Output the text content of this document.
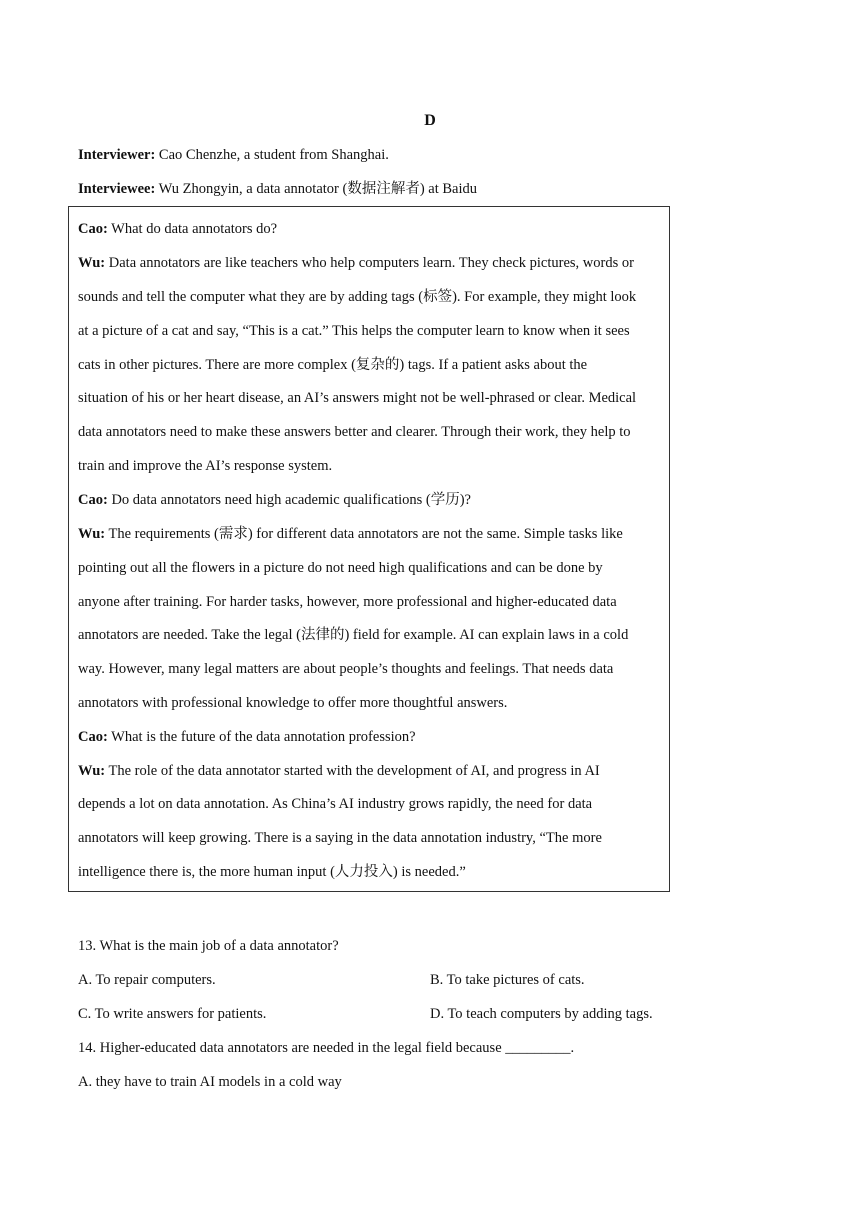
D
Interviewer: Cao Chenzhe, a student from Shanghai.
Interviewee: Wu Zhongyin, a data annotator (数据注解者) at Baidu
Cao: What do data annotators do?
Wu: Data annotators are like teachers who help computers learn. They check pictures, words or
sounds and tell the computer what they are by adding tags (标签). For example, they might look
at a picture of a cat and say, “This is a cat.” This helps the computer learn to know when it sees
cats in other pictures. There are more complex (复杂的) tags. If a patient asks about the
situation of his or her heart disease, an AI’s answers might not be well-phrased or clear. Medical
data annotators need to make these answers better and clearer. Through their work, they help to
train and improve the AI’s response system.
Cao: Do data annotators need high academic qualifications (学历)?
Wu: The requirements (需求) for different data annotators are not the same. Simple tasks like
pointing out all the flowers in a picture do not need high qualifications and can be done by
anyone after training. For harder tasks, however, more professional and higher-educated data
annotators are needed. Take the legal (法律的) field for example. AI can explain laws in a cold
way. However, many legal matters are about people’s thoughts and feelings. That needs data
annotators with professional knowledge to offer more thoughtful answers.
Cao: What is the future of the data annotation profession?
Wu: The role of the data annotator started with the development of AI, and progress in AI
depends a lot on data annotation. As China’s AI industry grows rapidly, the need for data
annotators will keep growing. There is a saying in the data annotation industry, “The more
intelligence there is, the more human input (人力投入) is needed.”
13. What is the main job of a data annotator?
A. To repair computers.	B. To take pictures of cats.
C. To write answers for patients.	D. To teach computers by adding tags.
14. Higher-educated data annotators are needed in the legal field because _________.
A. they have to train AI models in a cold way
